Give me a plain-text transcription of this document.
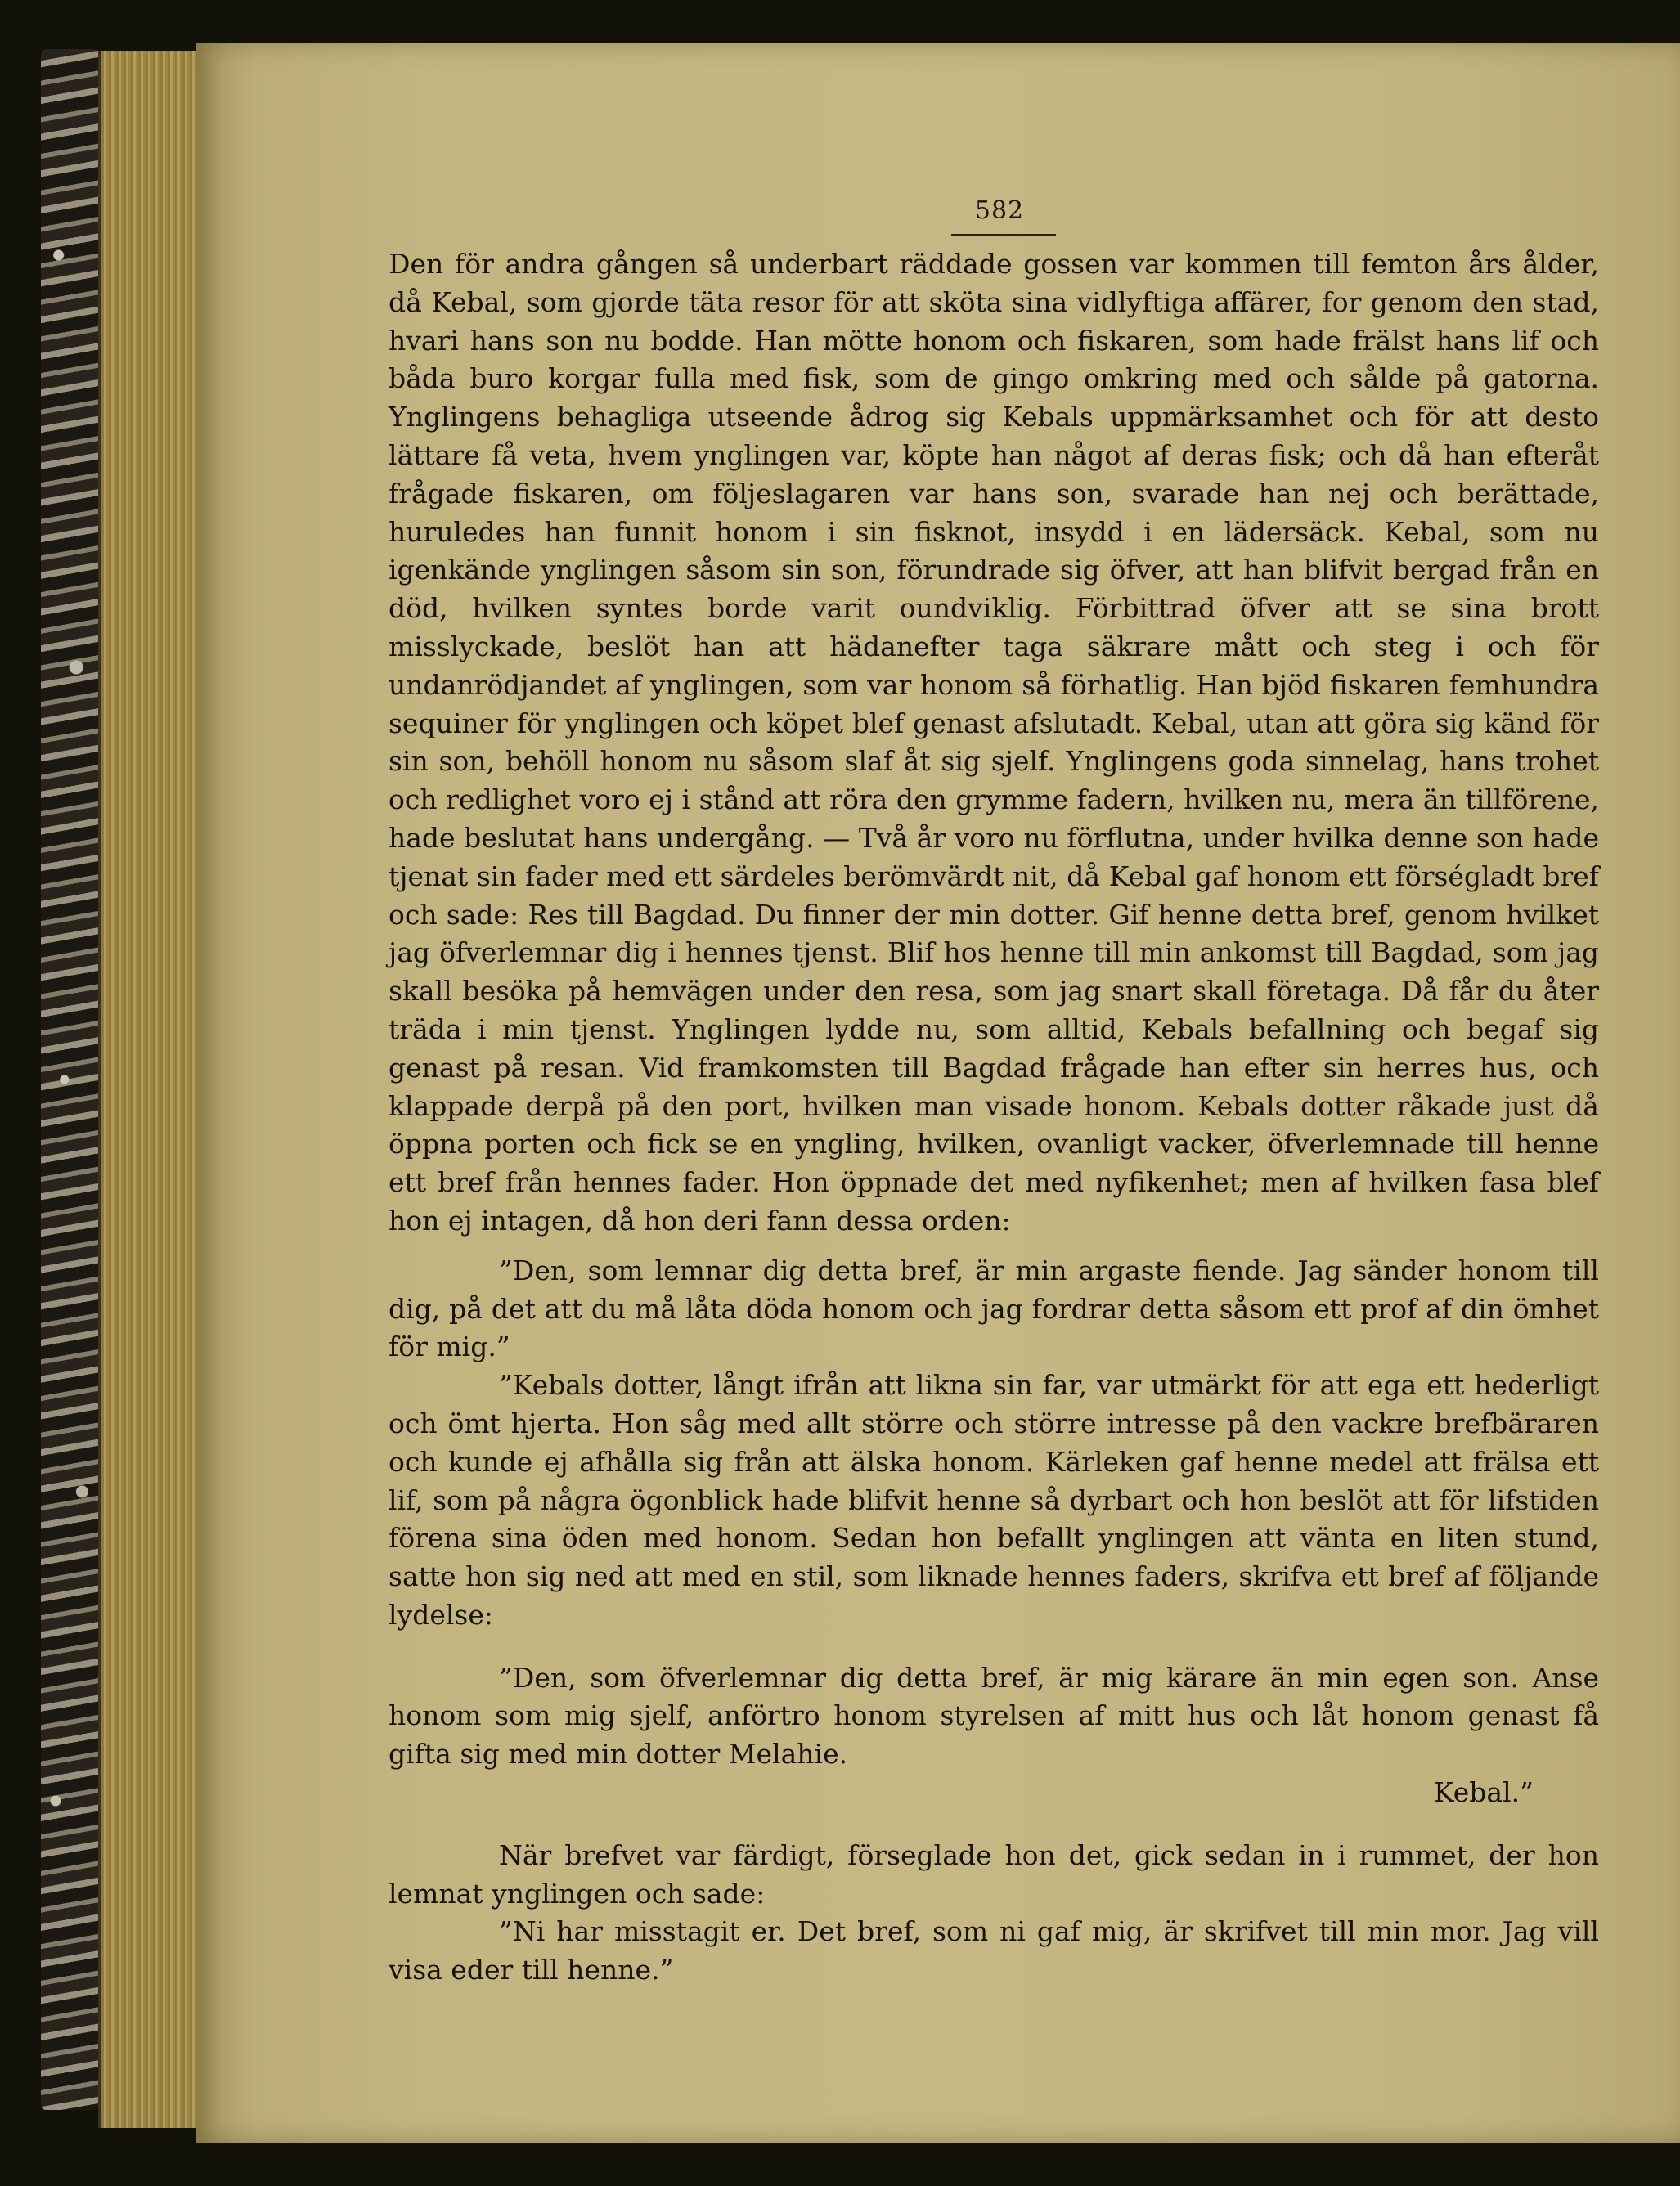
582

Den för andra gången så underbart räddade gossen var kommen till femton års ålder, då Kebal, som gjorde täta resor för att sköta sina vidlyftiga affärer, for genom den stad, hvari hans son nu bodde. Han mötte honom och fiskaren, som hade frälst hans lif och båda buro korgar fulla med fisk, som de gingo omkring med och sålde på gatorna. Ynglingens behagliga utseende ådrog sig Kebals uppmärksamhet och för att desto lättare få veta, hvem ynglingen var, köpte han något af deras fisk; och då han efteråt frågade fiskaren, om följeslagaren var hans son, svarade han nej och berättade, huruledes han funnit honom i sin fisknot, insydd i en lädersäck. Kebal, som nu igenkände ynglingen såsom sin son, förundrade sig öfver, att han blifvit bergad från en död, hvilken syntes borde varit oundviklig. Förbittrad öfver att se sina brott misslyckade, beslöt han att hädanefter taga säkrare mått och steg i och för undanrödjandet af ynglingen, som var honom så förhatlig. Han bjöd fiskaren femhundra sequiner för ynglingen och köpet blef genast afslutadt. Kebal, utan att göra sig känd för sin son, behöll honom nu såsom slaf åt sig sjelf. Ynglingens goda sinnelag, hans trohet och redlighet voro ej i stånd att röra den grymme fadern, hvilken nu, mera än tillförene, hade beslutat hans undergång. — Två år voro nu förflutna, under hvilka denne son hade tjenat sin fader med ett särdeles berömvärdt nit, då Kebal gaf honom ett förségladt bref och sade: Res till Bagdad. Du finner der min dotter. Gif henne detta bref, genom hvilket jag öfverlemnar dig i hennes tjenst. Blif hos henne till min ankomst till Bagdad, som jag skall besöka på hemvägen under den resa, som jag snart skall företaga. Då får du åter träda i min tjenst. Ynglingen lydde nu, som alltid, Kebals befallning och begaf sig genast på resan. Vid framkomsten till Bagdad frågade han efter sin herres hus, och klappade derpå på den port, hvilken man visade honom. Kebals dotter råkade just då öppna porten och fick se en yngling, hvilken, ovanligt vacker, öfverlemnade till henne ett bref från hennes fader. Hon öppnade det med nyfikenhet; men af hvilken fasa blef hon ej intagen, då hon deri fann dessa orden:

”Den, som lemnar dig detta bref, är min argaste fiende. Jag sänder honom till dig, på det att du må låta döda honom och jag fordrar detta såsom ett prof af din ömhet för mig.”

”Kebals dotter, långt ifrån att likna sin far, var utmärkt för att ega ett hederligt och ömt hjerta. Hon såg med allt större och större intresse på den vackre brefbäraren och kunde ej afhålla sig från att älska honom. Kärleken gaf henne medel att frälsa ett lif, som på några ögonblick hade blifvit henne så dyrbart och hon beslöt att för lifstiden förena sina öden med honom. Sedan hon befallt ynglingen att vänta en liten stund, satte hon sig ned att med en stil, som liknade hennes faders, skrifva ett bref af följande lydelse:

”Den, som öfverlemnar dig detta bref, är mig kärare än min egen son. Anse honom som mig sjelf, anförtro honom styrelsen af mitt hus och låt honom genast få gifta sig med min dotter Melahie.

Kebal.”

När brefvet var färdigt, förseglade hon det, gick sedan in i rummet, der hon lemnat ynglingen och sade:

”Ni har misstagit er. Det bref, som ni gaf mig, är skrifvet till min mor. Jag vill visa eder till henne.”
